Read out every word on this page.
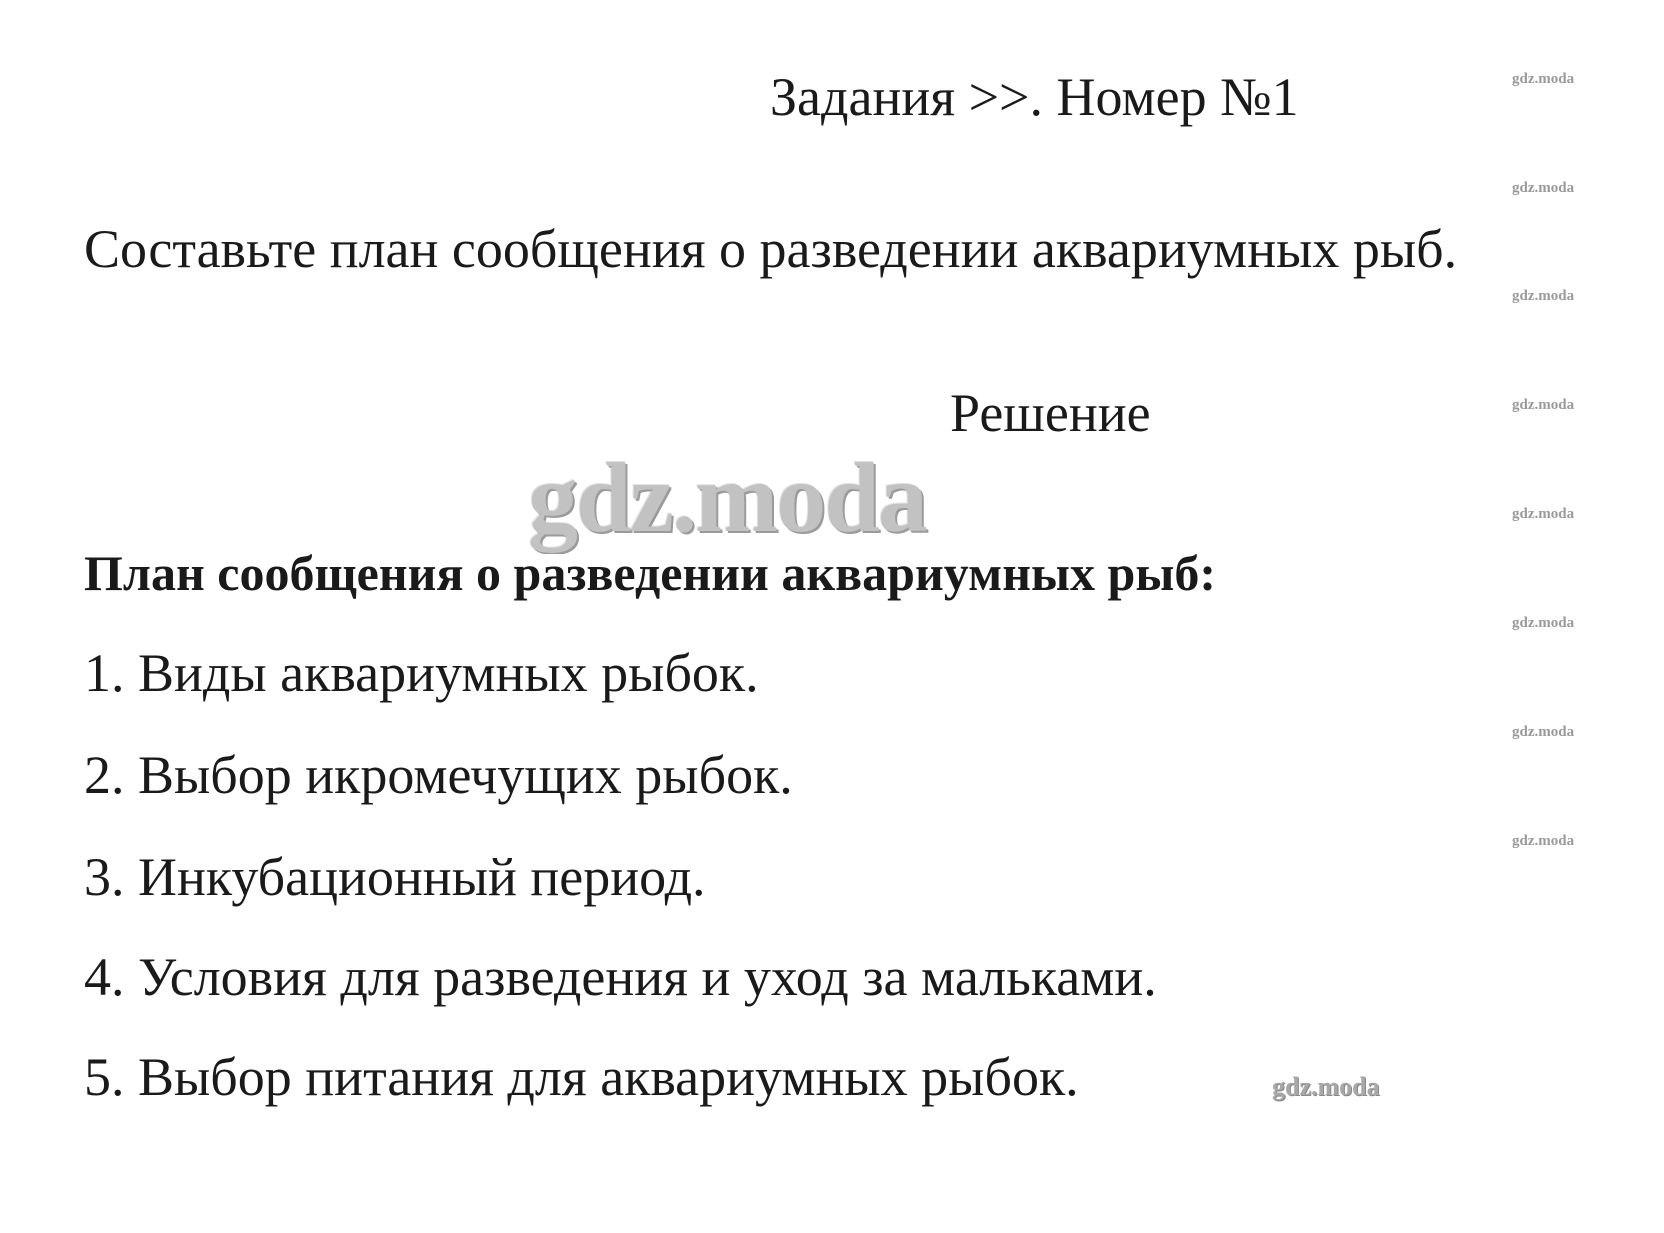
Задания >>. Номер №1	gdz.moda
gdz.moda
Составьте план сообщения о разведении аквариумных рыб.
gdz.moda
Решение	gdz.moda
gdz.moda	gdz.moda
План сообщения о разведении аквариумных рыб:
gdz.moda
1. Виды аквариумных рыбок.
gdz.moda
2. Выбор икромечущих рыбок.
gdz.moda
3. Инкубационный период.
4. Условия для разведения и уход за мальками.
5. Выбор питания для аквариумных рыбок.	gdz.moda
